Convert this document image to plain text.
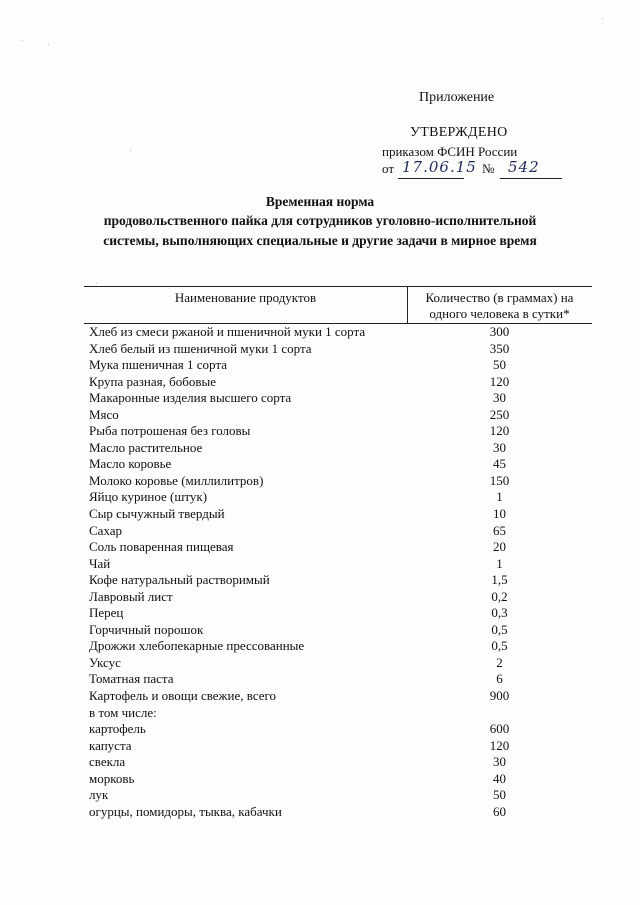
Приложение
УТВЕРЖДЕНО
приказом ФСИН России
от 17.06.15 № 542
Временная норма
продовольственного пайка для сотрудников уголовно-исполнительной
системы, выполняющих специальные и другие задачи в мирное время
Наименование продуктов	Количество (в граммах) на
одного человека в сутки*
Хлеб из смеси ржаной и пшеничной муки 1 сорта	300
Хлеб белый из пшеничной муки 1 сорта	350
Мука пшеничная 1 сорта	50
Крупа разная, бобовые	120
Макаронные изделия высшего сорта	30
Мясо	250
Рыба потрошеная без головы	120
Масло растительное	30
Масло коровье	45
Молоко коровье (миллилитров)	150
Яйцо куриное (штук)	1
Сыр сычужный твердый	10
Сахар	65
Соль поваренная пищевая	20
Чай	1
Кофе натуральный растворимый	1,5
Лавровый лист	0,2
Перец	0,3
Горчичный порошок	0,5
Дрожжи хлебопекарные прессованные	0,5
Уксус	2
Томатная паста	6
Картофель и овощи свежие, всего	900
в том числе:
картофель	600
капуста	120
свекла	30
морковь	40
лук	50
огурцы, помидоры, тыква, кабачки	60
